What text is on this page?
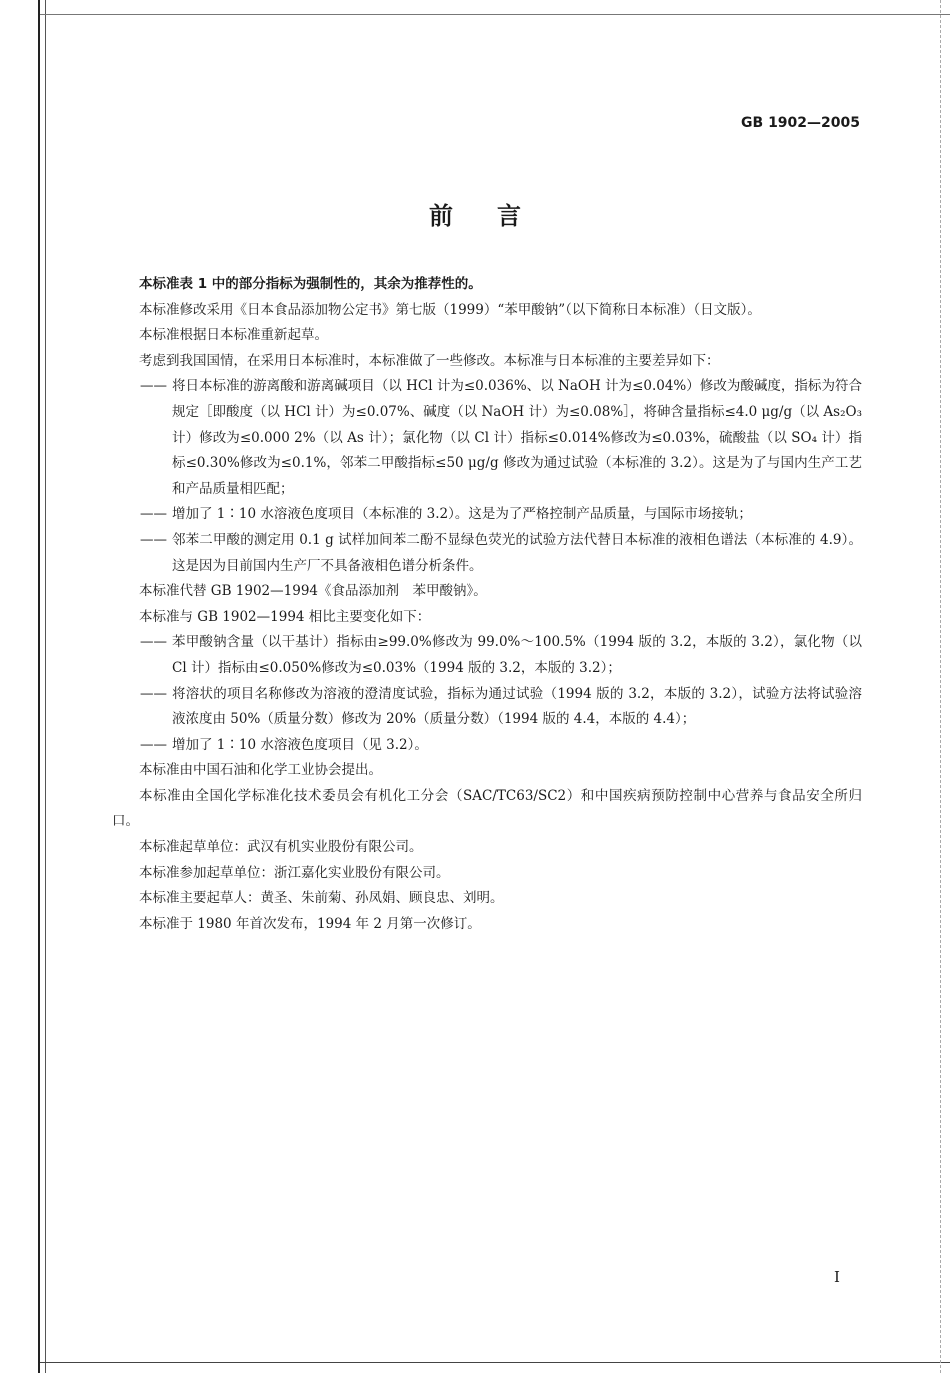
GB 1902—2005
前言

本标准表 1 中的部分指标为强制性的，其余为推荐性的。

本标准修改采用《日本食品添加物公定书》第七版（1999）“苯甲酸钠”（以下简称日本标准）（日文版）。

本标准根据日本标准重新起草。

考虑到我国国情，在采用日本标准时，本标准做了一些修改。本标准与日本标准的主要差异如下：

—— 将日本标准的游离酸和游离碱项目（以 HCl 计为≤0.036%、以 NaOH 计为≤0.04%）修改为酸碱度，指标为符合规定［即酸度（以 HCl 计）为≤0.07%、碱度（以 NaOH 计）为≤0.08%］，将砷含量指标≤4.0 μg/g（以 As₂O₃ 计）修改为≤0.000 2%（以 As 计）；氯化物（以 Cl 计）指标≤0.014%修改为≤0.03%，硫酸盐（以 SO₄ 计）指标≤0.30%修改为≤0.1%，邻苯二甲酸指标≤50 μg/g 修改为通过试验（本标准的 3.2）。这是为了与国内生产工艺和产品质量相匹配；

—— 增加了 1∶10 水溶液色度项目（本标准的 3.2）。这是为了严格控制产品质量，与国际市场接轨；

—— 邻苯二甲酸的测定用 0.1 g 试样加间苯二酚不显绿色荧光的试验方法代替日本标准的液相色谱法（本标准的 4.9）。这是因为目前国内生产厂不具备液相色谱分析条件。

本标准代替 GB 1902—1994《食品添加剂　苯甲酸钠》。

本标准与 GB 1902—1994 相比主要变化如下：

—— 苯甲酸钠含量（以干基计）指标由≥99.0%修改为 99.0%～100.5%（1994 版的 3.2，本版的 3.2），氯化物（以 Cl 计）指标由≤0.050%修改为≤0.03%（1994 版的 3.2，本版的 3.2）；

—— 将溶状的项目名称修改为溶液的澄清度试验，指标为通过试验（1994 版的 3.2，本版的 3.2），试验方法将试验溶液浓度由 50%（质量分数）修改为 20%（质量分数）（1994 版的 4.4，本版的 4.4）；

—— 增加了 1∶10 水溶液色度项目（见 3.2）。

本标准由中国石油和化学工业协会提出。

本标准由全国化学标准化技术委员会有机化工分会（SAC/TC63/SC2）和中国疾病预防控制中心营养与食品安全所归口。

本标准起草单位：武汉有机实业股份有限公司。

本标准参加起草单位：浙江嘉化实业股份有限公司。

本标准主要起草人：黄圣、朱前菊、孙凤娟、顾良忠、刘明。

本标准于 1980 年首次发布，1994 年 2 月第一次修订。

I
